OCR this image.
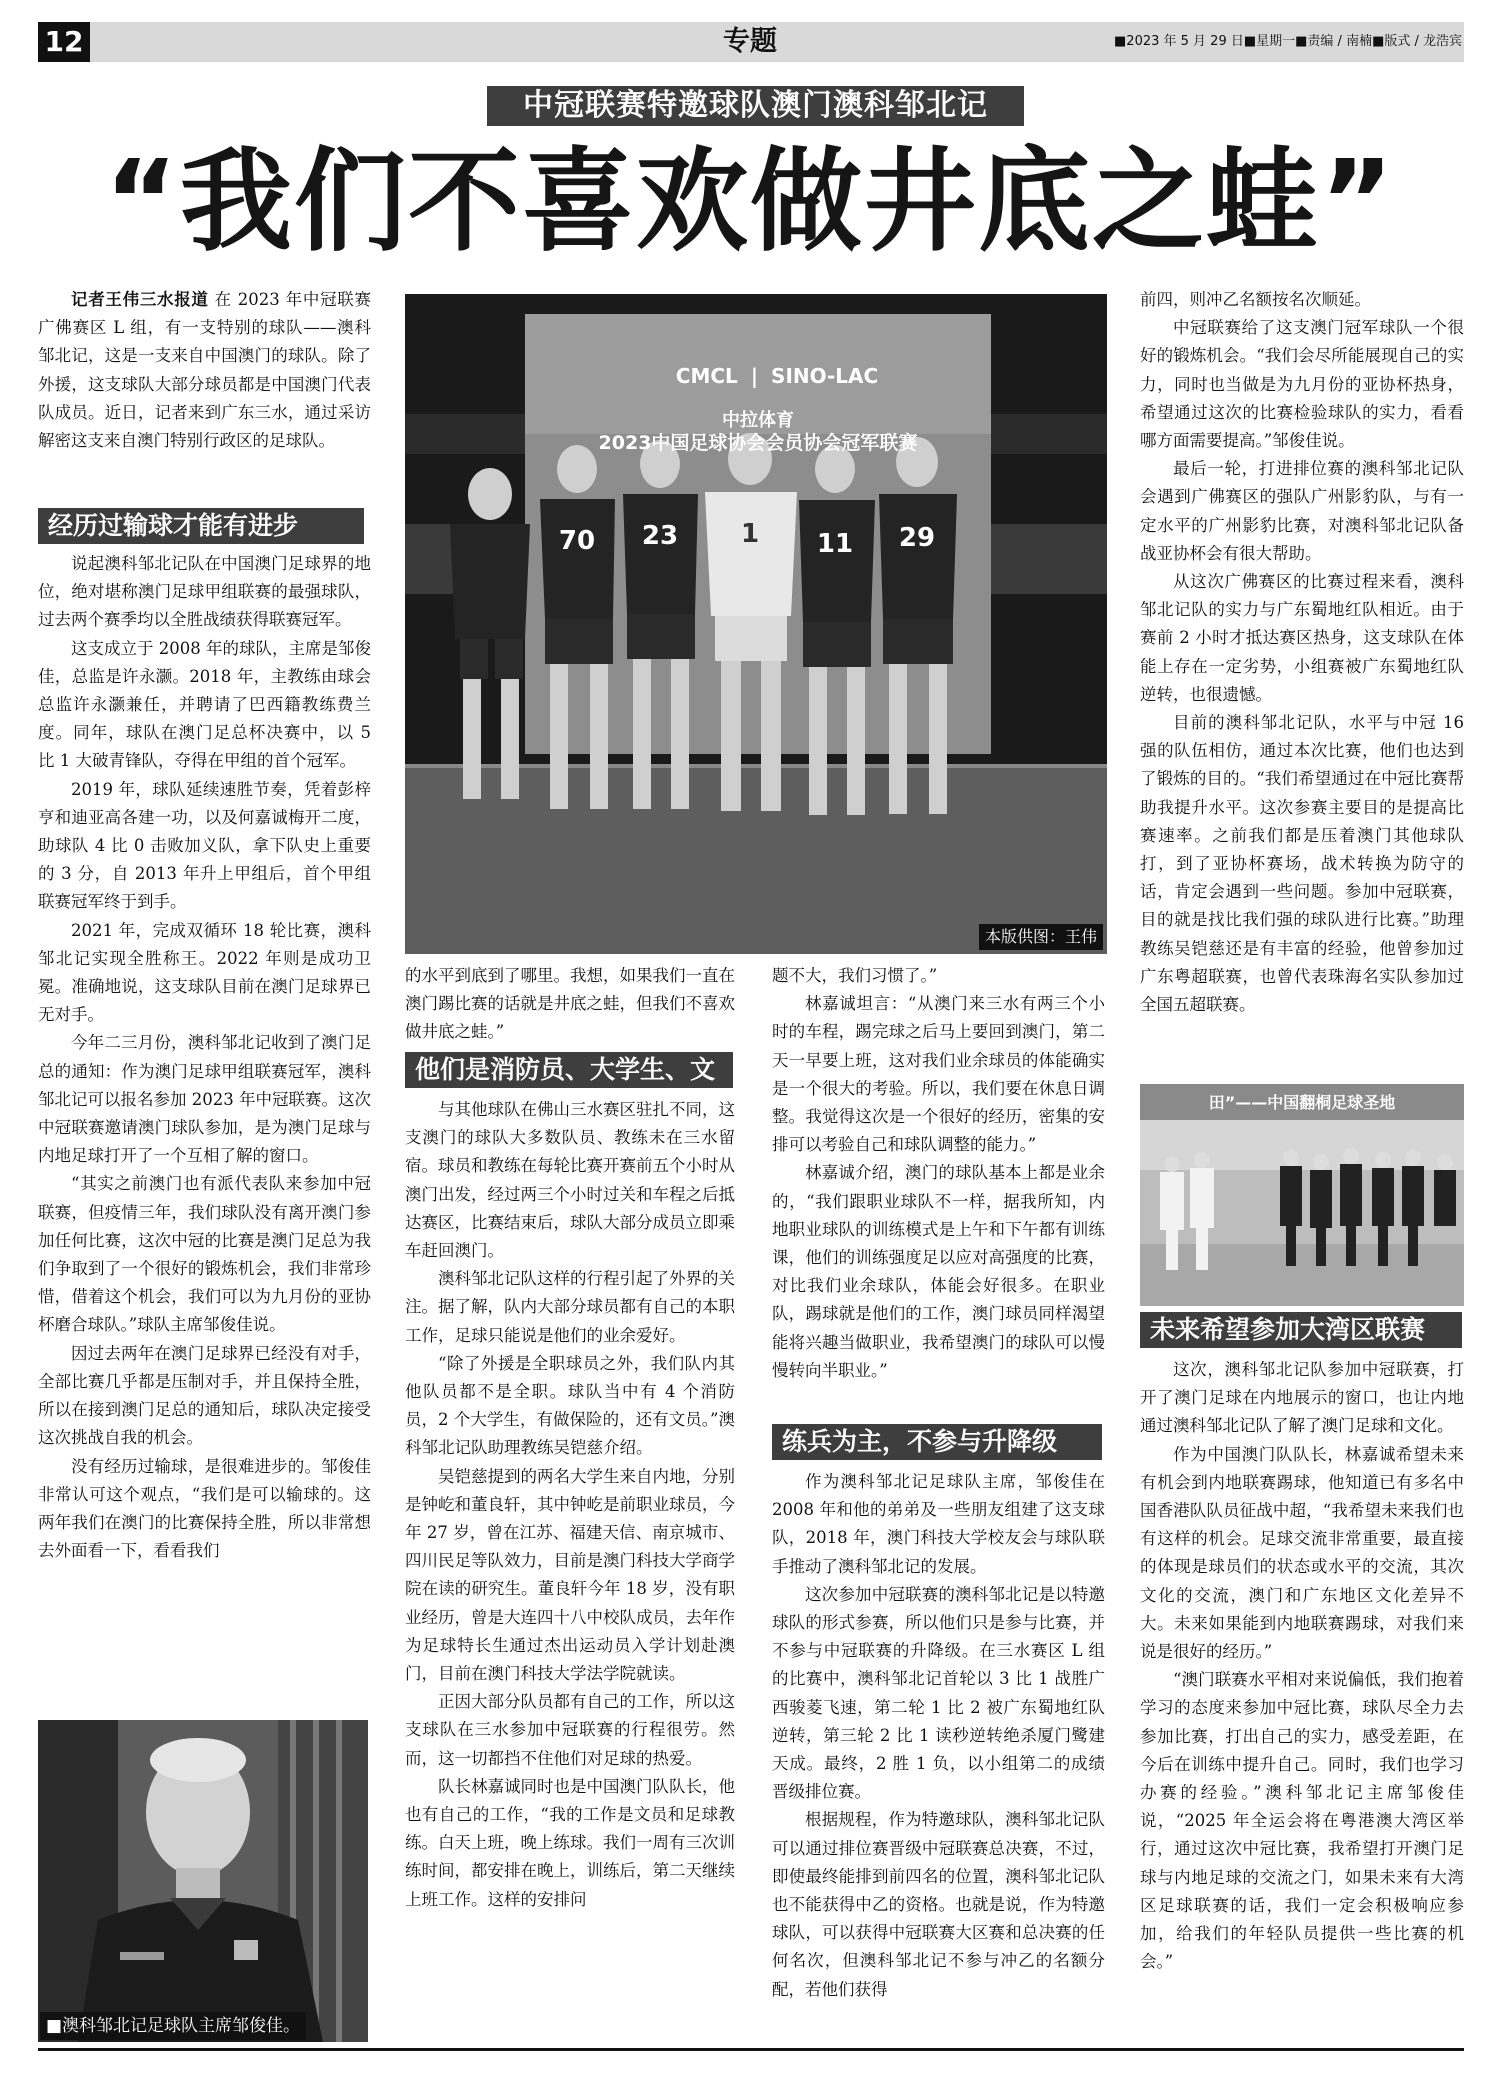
12	专题	■2023 年 5 月 29 日■星期一■责编 / 南楠■版式 / 龙浩宾
中冠联赛特邀球队澳门澳科邹北记
“我们不喜欢做井底之蛙”

记者王伟三水报道 在 2023 年中冠联赛广佛赛区 L 组，有一支特别的球队——澳科邹北记，这是一支来自中国澳门的球队。除了外援，这支球队大部分球员都是中国澳门代表队成员。近日，记者来到广东三水，通过采访解密这支来自澳门特别行政区的足球队。

经历过输球才能有进步

说起澳科邹北记队在中国澳门足球界的地位，绝对堪称澳门足球甲组联赛的最强球队，过去两个赛季均以全胜战绩获得联赛冠军。

这支成立于 2008 年的球队，主席是邹俊佳，总监是许永灏。2018 年，主教练由球会总监许永灏兼任，并聘请了巴西籍教练费兰度。同年，球队在澳门足总杯决赛中，以 5 比 1 大破青锋队，夺得在甲组的首个冠军。

2019 年，球队延续速胜节奏，凭着彭梓亨和迪亚高各建一功，以及何嘉诚梅开二度，助球队 4 比 0 击败加义队，拿下队史上重要的 3 分，自 2013 年升上甲组后，首个甲组联赛冠军终于到手。

2021 年，完成双循环 18 轮比赛，澳科邹北记实现全胜称王。2022 年则是成功卫冕。准确地说，这支球队目前在澳门足球界已无对手。

今年二三月份，澳科邹北记收到了澳门足总的通知：作为澳门足球甲组联赛冠军，澳科邹北记可以报名参加 2023 年中冠联赛。这次中冠联赛邀请澳门球队参加，是为澳门足球与内地足球打开了一个互相了解的窗口。

“其实之前澳门也有派代表队来参加中冠联赛，但疫情三年，我们球队没有离开澳门参加任何比赛，这次中冠的比赛是澳门足总为我们争取到了一个很好的锻炼机会，我们非常珍惜，借着这个机会，我们可以为九月份的亚协杯磨合球队。”球队主席邹俊佳说。

因过去两年在澳门足球界已经没有对手，全部比赛几乎都是压制对手，并且保持全胜，所以在接到澳门足总的通知后，球队决定接受这次挑战自我的机会。

没有经历过输球，是很难进步的。邹俊佳非常认可这个观点，“我们是可以输球的。这两年我们在澳门的比赛保持全胜，所以非常想去外面看一下，看看我们

■澳科邹北记足球队主席邹俊佳。
70 23 1 11 29
CMCL | SINO-LAC
中拉体育
2023中国足球协会会员协会冠军联赛
本版供图：王伟

的水平到底到了哪里。我想，如果我们一直在澳门踢比赛的话就是井底之蛙，但我们不喜欢做井底之蛙。”

他们是消防员、大学生、文员

与其他球队在佛山三水赛区驻扎不同，这支澳门的球队大多数队员、教练未在三水留宿。球员和教练在每轮比赛开赛前五个小时从澳门出发，经过两三个小时过关和车程之后抵达赛区，比赛结束后，球队大部分成员立即乘车赶回澳门。

澳科邹北记队这样的行程引起了外界的关注。据了解，队内大部分球员都有自己的本职工作，足球只能说是他们的业余爱好。

“除了外援是全职球员之外，我们队内其他队员都不是全职。球队当中有 4 个消防员，2 个大学生，有做保险的，还有文员。”澳科邹北记队助理教练吴铠慈介绍。

吴铠慈提到的两名大学生来自内地，分别是钟屹和董良轩，其中钟屹是前职业球员，今年 27 岁，曾在江苏、福建天信、南京城市、四川民足等队效力，目前是澳门科技大学商学院在读的研究生。董良轩今年 18 岁，没有职业经历，曾是大连四十八中校队成员，去年作为足球特长生通过杰出运动员入学计划赴澳门，目前在澳门科技大学法学院就读。

正因大部分队员都有自己的工作，所以这支球队在三水参加中冠联赛的行程很劳。然而，这一切都挡不住他们对足球的热爱。

队长林嘉诚同时也是中国澳门队队长，他也有自己的工作，“我的工作是文员和足球教练。白天上班，晚上练球。我们一周有三次训练时间，都安排在晚上，训练后，第二天继续上班工作。这样的安排问

题不大，我们习惯了。”

林嘉诚坦言：“从澳门来三水有两三个小时的车程，踢完球之后马上要回到澳门，第二天一早要上班，这对我们业余球员的体能确实是一个很大的考验。所以，我们要在休息日调整。我觉得这次是一个很好的经历，密集的安排可以考验自己和球队调整的能力。”

林嘉诚介绍，澳门的球队基本上都是业余的，“我们跟职业球队不一样，据我所知，内地职业球队的训练模式是上午和下午都有训练课，他们的训练强度足以应对高强度的比赛，对比我们业余球队，体能会好很多。在职业队，踢球就是他们的工作，澳门球员同样渴望能将兴趣当做职业，我希望澳门的球队可以慢慢转向半职业。”

练兵为主，不参与升降级

作为澳科邹北记足球队主席，邹俊佳在 2008 年和他的弟弟及一些朋友组建了这支球队，2018 年，澳门科技大学校友会与球队联手推动了澳科邹北记的发展。

这次参加中冠联赛的澳科邹北记是以特邀球队的形式参赛，所以他们只是参与比赛，并不参与中冠联赛的升降级。在三水赛区 L 组的比赛中，澳科邹北记首轮以 3 比 1 战胜广西骏菱飞速，第二轮 1 比 2 被广东蜀地红队逆转，第三轮 2 比 1 读秒逆转绝杀厦门鹭建天成。最终，2 胜 1 负，以小组第二的成绩晋级排位赛。

根据规程，作为特邀球队，澳科邹北记队可以通过排位赛晋级中冠联赛总决赛，不过，即使最终能排到前四名的位置，澳科邹北记队也不能获得中乙的资格。也就是说，作为特邀球队，可以获得中冠联赛大区赛和总决赛的任何名次，但澳科邹北记不参与冲乙的名额分配，若他们获得

前四，则冲乙名额按名次顺延。

中冠联赛给了这支澳门冠军球队一个很好的锻炼机会。“我们会尽所能展现自己的实力，同时也当做是为九月份的亚协杯热身，希望通过这次的比赛检验球队的实力，看看哪方面需要提高。”邹俊佳说。

最后一轮，打进排位赛的澳科邹北记队会遇到广佛赛区的强队广州影豹队，与有一定水平的广州影豹比赛，对澳科邹北记队备战亚协杯会有很大帮助。

从这次广佛赛区的比赛过程来看，澳科邹北记队的实力与广东蜀地红队相近。由于赛前 2 小时才抵达赛区热身，这支球队在体能上存在一定劣势，小组赛被广东蜀地红队逆转，也很遗憾。

目前的澳科邹北记队，水平与中冠 16 强的队伍相仿，通过本次比赛，他们也达到了锻炼的目的。“我们希望通过在中冠比赛帮助我提升水平。这次参赛主要目的是提高比赛速率。之前我们都是压着澳门其他球队打，到了亚协杯赛场，战术转换为防守的话，肯定会遇到一些问题。参加中冠联赛，目的就是找比我们强的球队进行比赛。”助理教练吴铠慈还是有丰富的经验，他曾参加过广东粤超联赛，也曾代表珠海名实队参加过全国五超联赛。

田”——中国翻桐足球圣地
未来希望参加大湾区联赛

这次，澳科邹北记队参加中冠联赛，打开了澳门足球在内地展示的窗口，也让内地通过澳科邹北记队了解了澳门足球和文化。

作为中国澳门队队长，林嘉诚希望未来有机会到内地联赛踢球，他知道已有多名中国香港队队员征战中超，“我希望未来我们也有这样的机会。足球交流非常重要，最直接的体现是球员们的状态或水平的交流，其次文化的交流，澳门和广东地区文化差异不大。未来如果能到内地联赛踢球，对我们来说是很好的经历。”

“澳门联赛水平相对来说偏低，我们抱着学习的态度来参加中冠比赛，球队尽全力去参加比赛，打出自己的实力，感受差距，在今后在训练中提升自己。同时，我们也学习办赛的经验。”澳科邹北记主席邹俊佳说，“2025 年全运会将在粤港澳大湾区举行，通过这次中冠比赛，我希望打开澳门足球与内地足球的交流之门，如果未来有大湾区足球联赛的话，我们一定会积极响应参加，给我们的年轻队员提供一些比赛的机会。”
